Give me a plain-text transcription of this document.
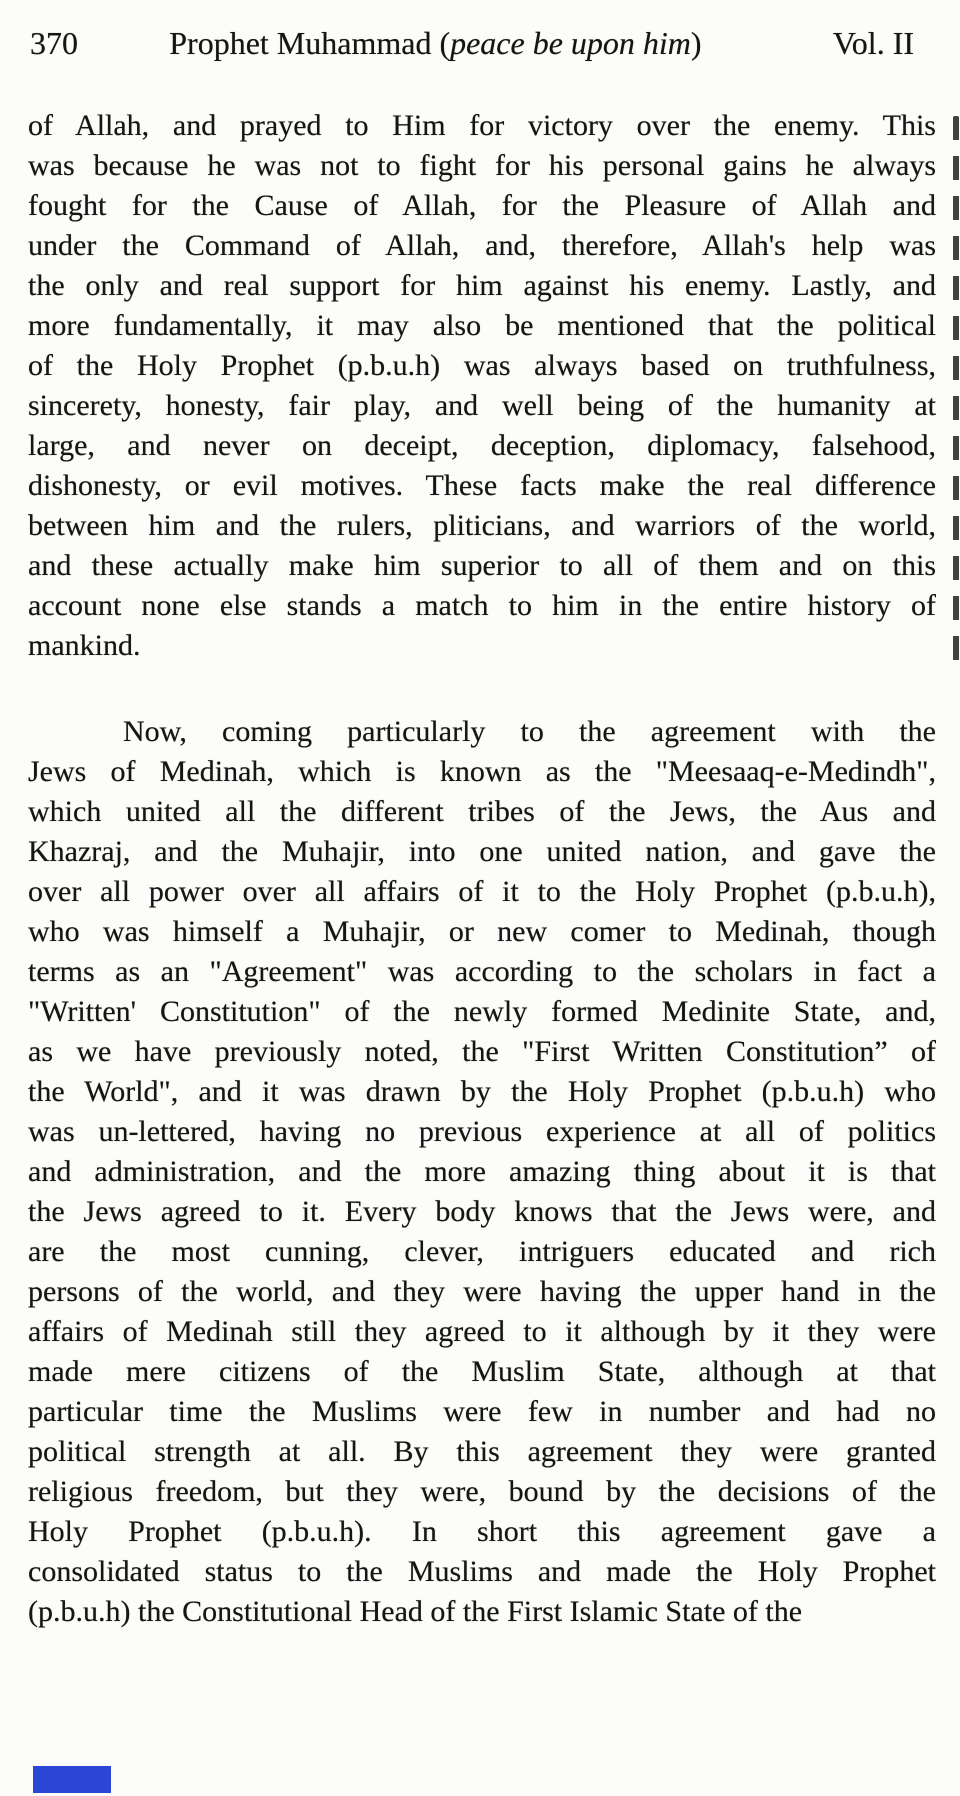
370	Prophet Muhammad (peace be upon him)	Vol. II
of Allah, and prayed to Him for victory over the enemy. This
was because he was not to fight for his personal gains he always
fought for the Cause of Allah, for the Pleasure of Allah and
under the Command of Allah, and, therefore, Allah's help was
the only and real support for him against his enemy. Lastly, and
more fundamentally, it may also be mentioned that the political
of the Holy Prophet (p.b.u.h) was always based on truthfulness,
sincerety, honesty, fair play, and well being of the humanity at
large, and never on deceipt, deception, diplomacy, falsehood,
dishonesty, or evil motives. These facts make the real difference
between him and the rulers, pliticians, and warriors of the world,
and these actually make him superior to all of them and on this
account none else stands a match to him in the entire history of
mankind.
Now, coming particularly to the agreement with the
Jews of Medinah, which is known as the "Meesaaq-e-Medindh",
which united all the different tribes of the Jews, the Aus and
Khazraj, and the Muhajir, into one united nation, and gave the
over all power over all affairs of it to the Holy Prophet (p.b.u.h),
who was himself a Muhajir, or new comer to Medinah, though
terms as an "Agreement" was according to the scholars in fact a
"Written' Constitution" of the newly formed Medinite State, and,
as we have previously noted, the "First Written Constitution” of
the World", and it was drawn by the Holy Prophet (p.b.u.h) who
was un-lettered, having no previous experience at all of politics
and administration, and the more amazing thing about it is that
the Jews agreed to it. Every body knows that the Jews were, and
are the most cunning, clever, intriguers educated and rich
persons of the world, and they were having the upper hand in the
affairs of Medinah still they agreed to it although by it they were
made mere citizens of the Muslim State, although at that
particular time the Muslims were few in number and had no
political strength at all. By this agreement they were granted
religious freedom, but they were, bound by the decisions of the
Holy Prophet (p.b.u.h). In short this agreement gave a
consolidated status to the Muslims and made the Holy Prophet
(p.b.u.h) the Constitutional Head of the First Islamic State of the
